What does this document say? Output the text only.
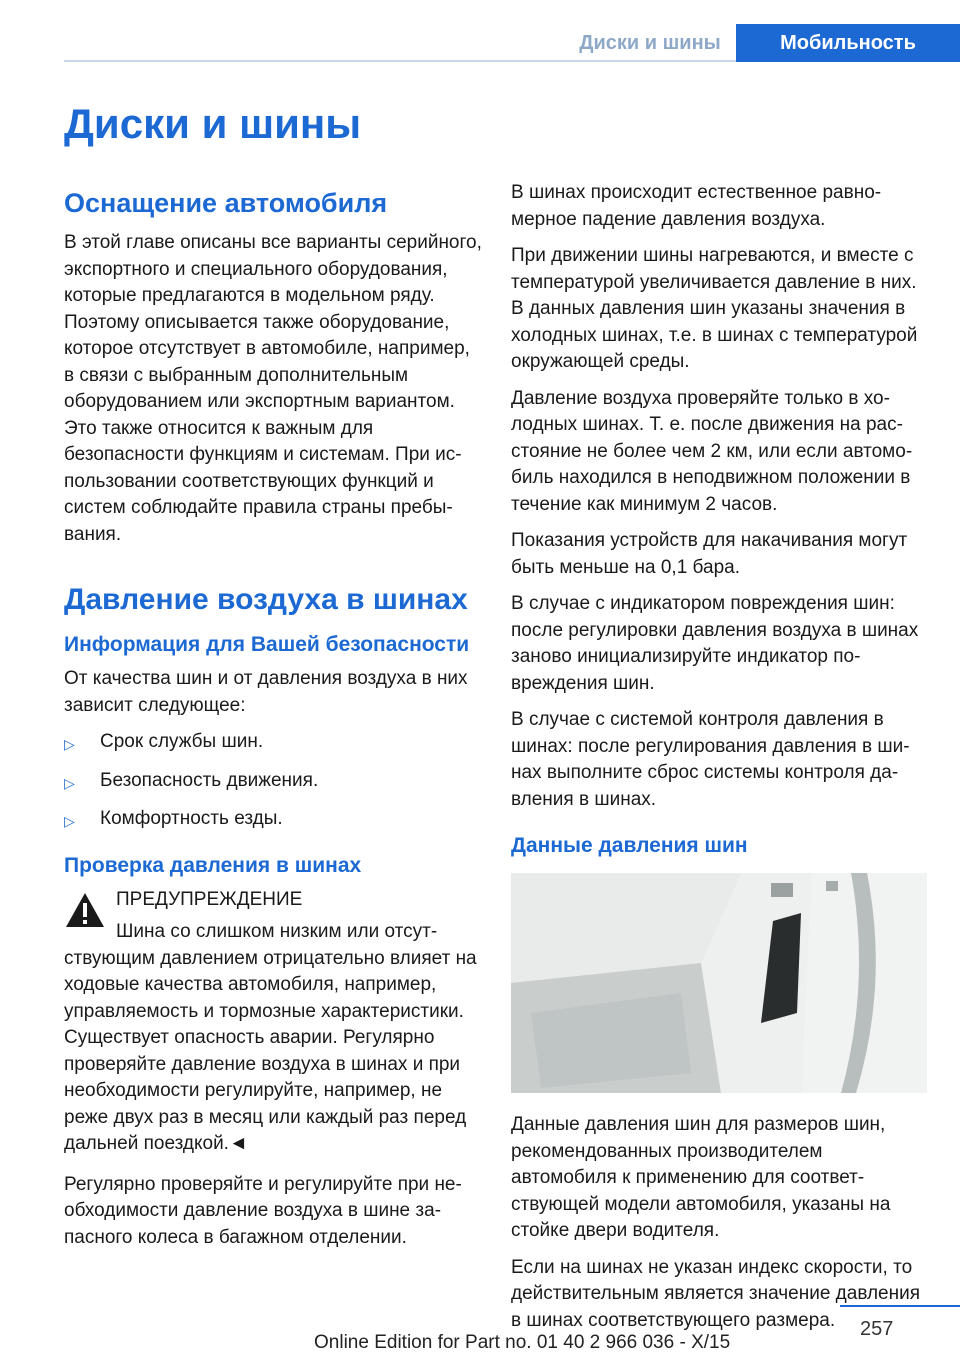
Диски и шины	Мобильность
Диски и шины
Оснащение автомобиля

В этой главе описаны все варианты серийного, экспортного и специального оборудования, которые предлагаются в модельном ряду. Поэтому описывается также оборудование, которое отсутствует в автомобиле, например, в связи с выбранным дополнительным оборудованием или экспортным вариантом. Это также относится к важным для безопасности функциям и системам. При использовании соответствующих функций и систем соблюдайте правила страны пребывания.

Давление воздуха в шинах
Информация для Вашей безопасности

От качества шин и от давления воздуха в них зависит следующее:

▷	Срок службы шин.
▷	Безопасность движения.
▷	Комфортность езды.
Проверка давления в шинах

ПРЕДУПРЕЖДЕНИЕ

Шина со слишком низким или отсутствующим давлением отрицательно влияет на ходовые качества автомобиля, например, управляемость и тормозные характеристики. Существует опасность аварии. Регулярно проверяйте давление воздуха в шинах и при необходимости регулируйте, например, не реже двух раз в месяц или каждый раз перед дальней поездкой.◄

Регулярно проверяйте и регулируйте при необходимости давление воздуха в шине запасного колеса в багажном отделении.

В шинах происходит естественное равномерное падение давления воздуха.

При движении шины нагреваются, и вместе с температурой увеличивается давление в них. В данных давления шин указаны значения в холодных шинах, т.е. в шинах с температурой окружающей среды.

Давление воздуха проверяйте только в холодных шинах. Т. е. после движения на расстояние не более чем 2 км, или если автомобиль находился в неподвижном положении в течение как минимум 2 часов.

Показания устройств для накачивания могут быть меньше на 0,1 бара.

В случае с индикатором повреждения шин: после регулировки давления воздуха в шинах заново инициализируйте индикатор повреждения шин.

В случае с системой контроля давления в шинах: после регулирования давления в шинах выполните сброс системы контроля давления в шинах.

Данные давления шин

Данные давления шин для размеров шин, рекомендованных производителем автомобиля к применению для соответствующей модели автомобиля, указаны на стойке двери водителя.

Если на шинах не указан индекс скорости, то действительным является значение давления в шинах соответствующего размера.	257
Online Edition for Part no. 01 40 2 966 036 - X/15
